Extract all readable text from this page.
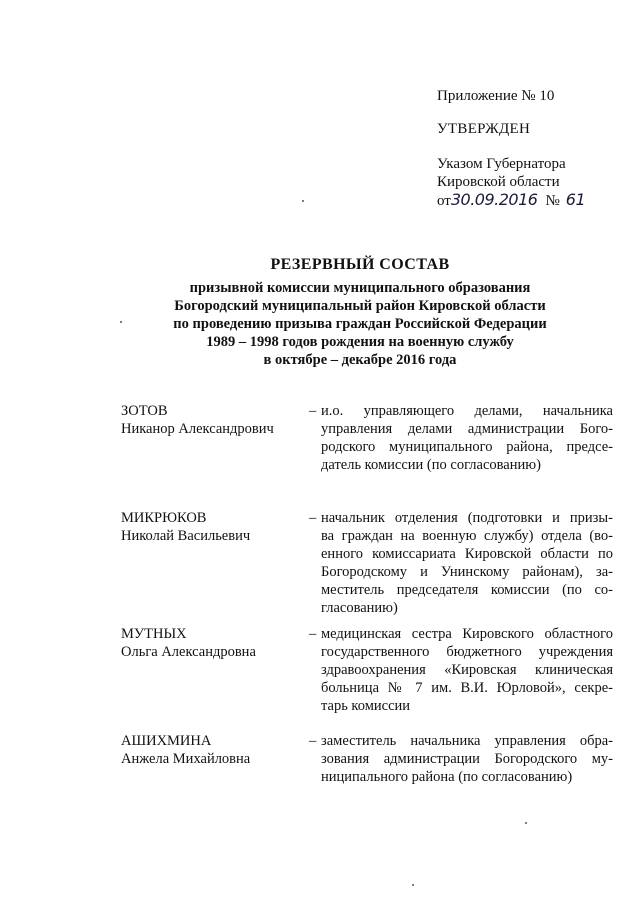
Приложение № 10
УТВЕРЖДЕН
Указом Губернатора
Кировской области
от30.09.2016 № 61
РЕЗЕРВНЫЙ СОСТАВ
призывной комиссии муниципального образования
Богородский муниципальный район Кировской области
по проведению призыва граждан Российской Федерации
1989 – 1998 годов рождения на военную службу
в октябре – декабре 2016 года
ЗОТОВ
Никанор Александрович
– и.о. управляющего делами, начальника
управления делами администрации Бого-
родского муниципального района, предсе-
датель комиссии (по согласованию)
МИКРЮКОВ
Николай Васильевич
– начальник отделения (подготовки и призы-
ва граждан на военную службу) отдела (во-
енного комиссариата Кировской области по
Богородскому и Унинскому районам), за-
меститель председателя комиссии (по со-
гласованию)
МУТНЫХ
Ольга Александровна
– медицинская сестра Кировского областного
государственного бюджетного учреждения
здравоохранения «Кировская клиническая
больница № 7 им. В.И. Юрловой», секре-
тарь комиссии
АШИХМИНА
Анжела Михайловна
– заместитель начальника управления обра-
зования администрации Богородского му-
ниципального района (по согласованию)
